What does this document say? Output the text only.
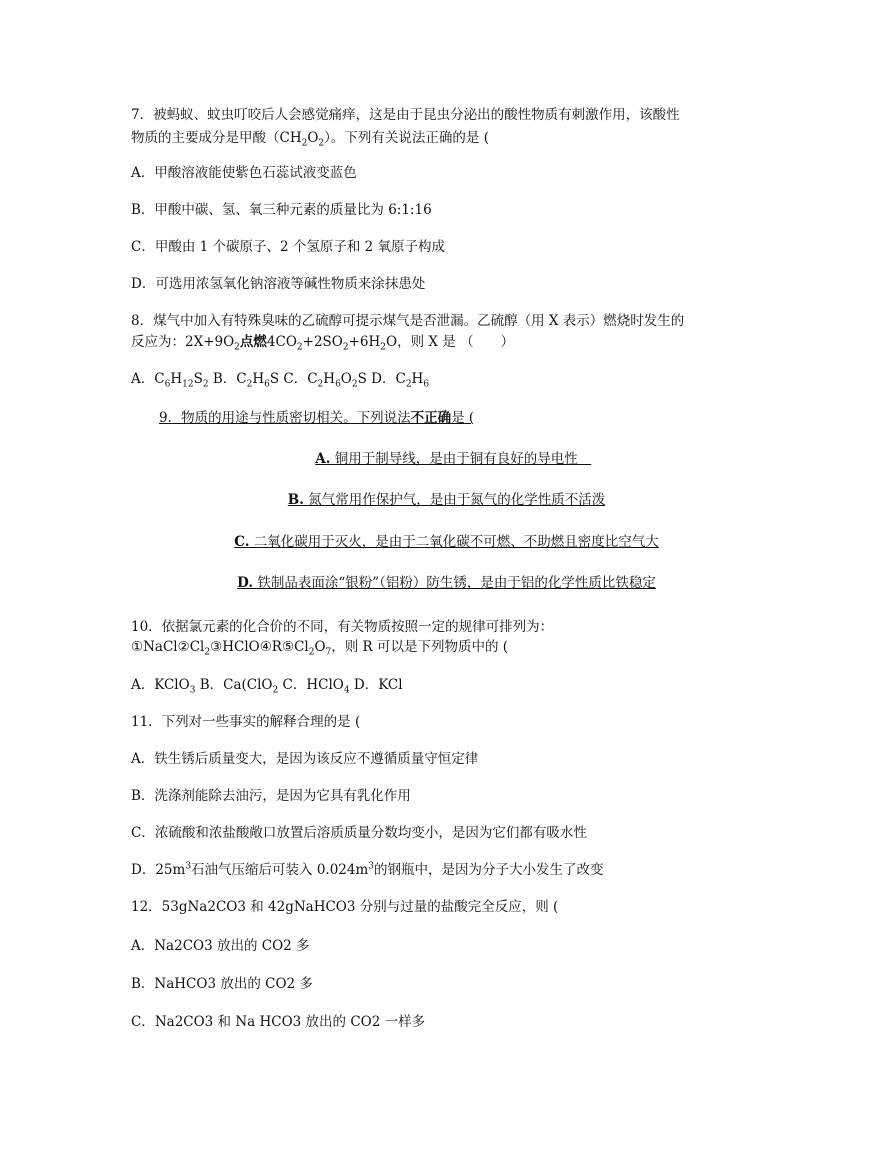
7．被蚂蚁、蚊虫叮咬后人会感觉痛痒，这是由于昆虫分泌出的酸性物质有刺激作用，该酸性
物质的主要成分是甲酸$(CH_2O_2)$。下列有关说法正确的是 (
A．甲酸溶液能使紫色石蕊试液变蓝色
B．甲酸中碳、氢、氧三种元素的质量比为 6:1:16
C．甲酸由 1 个碳原子、2 个氢原子和 2 氧原子构成
D．可选用浓氢氧化钠溶液等碱性物质来涂抹患处
8．煤气中加入有特殊臭味的乙硫醇可提示煤气是否泄漏。乙硫醇（用 X 表示）燃烧时发生的
反应为：$2X+9O_2$点燃$4CO_2+2SO_2+6H_2O$，则 X 是 （　　）
A．$C_6H_{12}S_2$ B．$C_2H_6S$ C．$C_2H_6O_2S$ D．$C_2H_6$
9．物质的用途与性质密切相关。下列说法不正确是 (
A. 铜用于制导线，是由于铜有良好的导电性　
B. 氮气常用作保护气，是由于氮气的化学性质不活泼
C. 二氧化碳用于灭火，是由于二氧化碳不可燃、不助燃且密度比空气大
D. 铁制品表面涂“银粉”（铝粉）防生锈，是由于铝的化学性质比铁稳定
10．依据氯元素的化合价的不同，有关物质按照一定的规律可排列为：
$①NaCl②Cl_2③HClO④R⑤Cl_2O_7$，则 R 可以是下列物质中的 (
A．KClO$_3$ B．Ca(ClO$_2$ C．HClO$_4$ D．KCl
11．下列对一些事实的解释合理的是 (
A．铁生锈后质量变大，是因为该反应不遵循质量守恒定律
B．洗涤剂能除去油污，是因为它具有乳化作用
C．浓硫酸和浓盐酸敞口放置后溶质质量分数均变小，是因为它们都有吸水性
D．$25m^3$石油气压缩后可装入 $0.024m^3$的钢瓶中，是因为分子大小发生了改变
12．53gNa2CO3 和 42gNaHCO3 分别与过量的盐酸完全反应，则 (
A．Na2CO3 放出的 CO2 多
B．NaHCO3 放出的 CO2 多
C．Na2CO3 和 Na HCO3 放出的 CO2 一样多
